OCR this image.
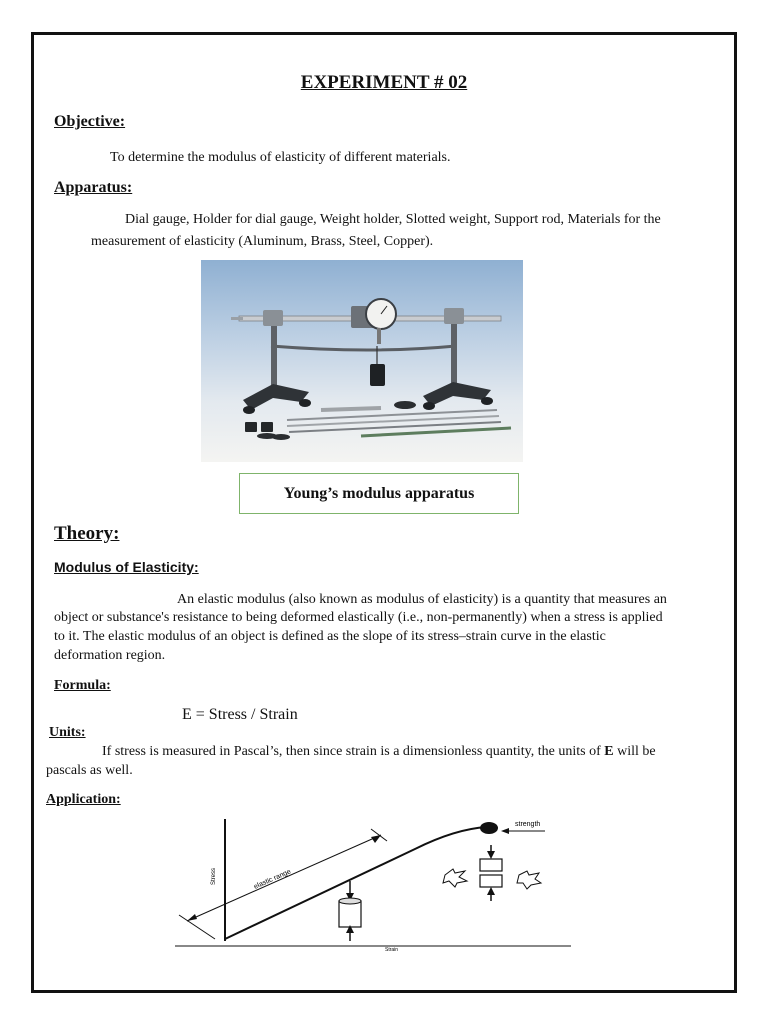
EXPERIMENT # 02
Objective:
To determine the modulus of elasticity of different materials.
Apparatus:
Dial gauge, Holder for dial gauge, Weight holder, Slotted weight, Support rod, Materials for the
measurement of elasticity (Aluminum, Brass, Steel, Copper).
Young’s modulus apparatus
Theory:
Modulus of Elasticity:
An elastic modulus (also known as modulus of elasticity) is a quantity that measures an
object or substance's resistance to being deformed elastically (i.e., non-permanently) when a stress is applied
to it. The elastic modulus of an object is defined as the slope of its stress–strain curve in the elastic
deformation region.
Formula:
E = Stress / Strain
Units:
If stress is measured in Pascal’s, then since strain is a dimensionless quantity, the units of E will be
pascals as well.
Application:
strength
elastic range
Stress
Strain
